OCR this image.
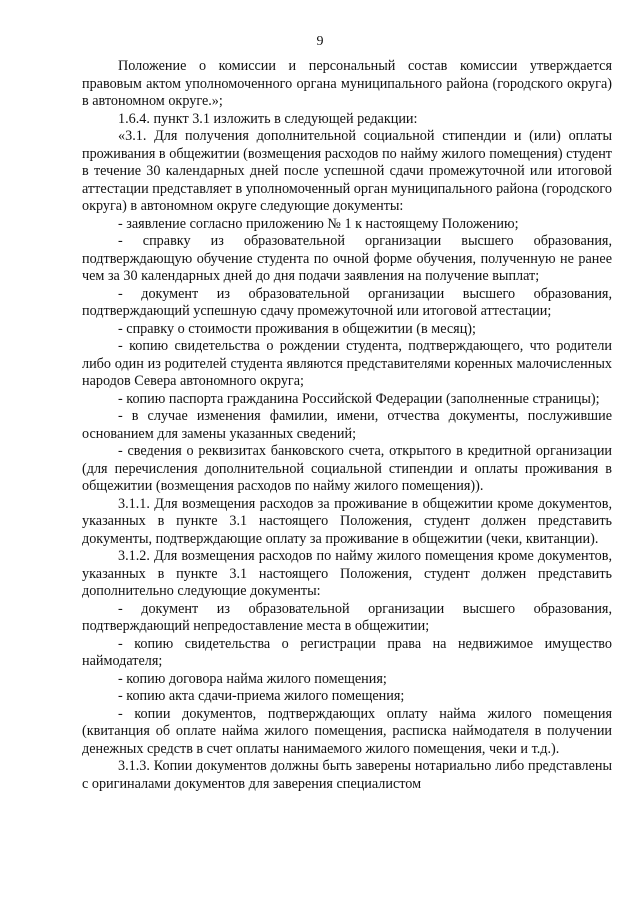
9

Положение о комиссии и персональный состав комиссии утверждается правовым актом уполномоченного органа муниципального района (городского округа) в автономном округе.»;

1.6.4. пункт 3.1 изложить в следующей редакции:

«3.1. Для получения дополнительной социальной стипендии и (или) оплаты проживания в общежитии (возмещения расходов по найму жилого помещения) студент в течение 30 календарных дней после успешной сдачи промежуточной или итоговой аттестации представляет в уполномоченный орган муниципального района (городского округа) в автономном округе следующие документы:

- заявление согласно приложению № 1 к настоящему Положению;

- справку из образовательной организации высшего образования, подтверждающую обучение студента по очной форме обучения, полученную не ранее чем за 30 календарных дней до дня подачи заявления на получение выплат;

- документ из образовательной организации высшего образования, подтверждающий успешную сдачу промежуточной или итоговой аттестации;

- справку о стоимости проживания в общежитии (в месяц);

- копию свидетельства о рождении студента, подтверждающего, что родители либо один из родителей студента являются представителями коренных малочисленных народов Севера автономного округа;

- копию паспорта гражданина Российской Федерации (заполненные страницы);

- в случае изменения фамилии, имени, отчества документы, послужившие основанием для замены указанных сведений;

- сведения о реквизитах банковского счета, открытого в кредитной организации (для перечисления дополнительной социальной стипендии и оплаты проживания в общежитии (возмещения расходов по найму жилого помещения)).

3.1.1. Для возмещения расходов за проживание в общежитии кроме документов, указанных в пункте 3.1 настоящего Положения, студент должен представить документы, подтверждающие оплату за проживание в общежитии (чеки, квитанции).

3.1.2. Для возмещения расходов по найму жилого помещения кроме документов, указанных в пункте 3.1 настоящего Положения, студент должен представить дополнительно следующие документы:

- документ из образовательной организации высшего образования, подтверждающий непредоставление места в общежитии;

- копию свидетельства о регистрации права на недвижимое имущество наймодателя;

- копию договора найма жилого помещения;

- копию акта сдачи-приема жилого помещения;

- копии документов, подтверждающих оплату найма жилого помещения (квитанция об оплате найма жилого помещения, расписка наймодателя в получении денежных средств в счет оплаты нанимаемого жилого помещения, чеки и т.д.).

3.1.3. Копии документов должны быть заверены нотариально либо представлены с оригиналами документов для заверения специалистом
